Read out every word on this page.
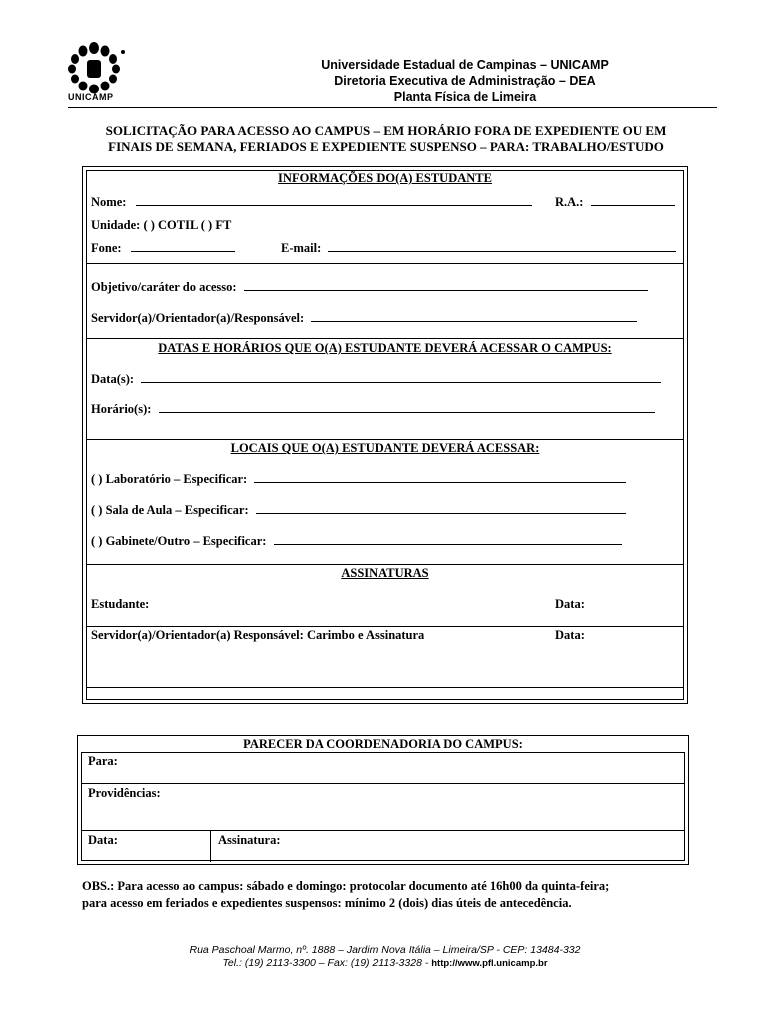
UNICAMP
Universidade Estadual de Campinas – UNICAMP
Diretoria Executiva de Administração – DEA
Planta Física de Limeira
SOLICITAÇÃO PARA ACESSO AO CAMPUS – EM HORÁRIO FORA DE EXPEDIENTE OU EM
FINAIS DE SEMANA, FERIADOS E EXPEDIENTE SUSPENSO – PARA: TRABALHO/ESTUDO
INFORMAÇÕES DO(A) ESTUDANTE
Nome:	R.A.:
Unidade: ( ) COTIL ( ) FT
Fone:	E-mail:
Objetivo/caráter do acesso:
Servidor(a)/Orientador(a)/Responsável:
DATAS E HORÁRIOS QUE O(A) ESTUDANTE DEVERÁ ACESSAR O CAMPUS:
Data(s):
Horário(s):
LOCAIS QUE O(A) ESTUDANTE DEVERÁ ACESSAR:
( ) Laboratório – Especificar:
( ) Sala de Aula – Especificar:
( ) Gabinete/Outro – Especificar:
ASSINATURAS
Estudante:	Data:
Servidor(a)/Orientador(a) Responsável: Carimbo e Assinatura	Data:
PARECER DA COORDENADORIA DO CAMPUS:
Para:
Providências:
Data:	Assinatura:
OBS.: Para acesso ao campus: sábado e domingo: protocolar documento até 16h00 da quinta-feira;
para acesso em feriados e expedientes suspensos: mínimo 2 (dois) dias úteis de antecedência.
Rua Paschoal Marmo, nº. 1888 – Jardim Nova Itália – Limeira/SP - CEP: 13484-332
Tel.: (19) 2113-3300 – Fax: (19) 2113-3328 - http://www.pfl.unicamp.br
